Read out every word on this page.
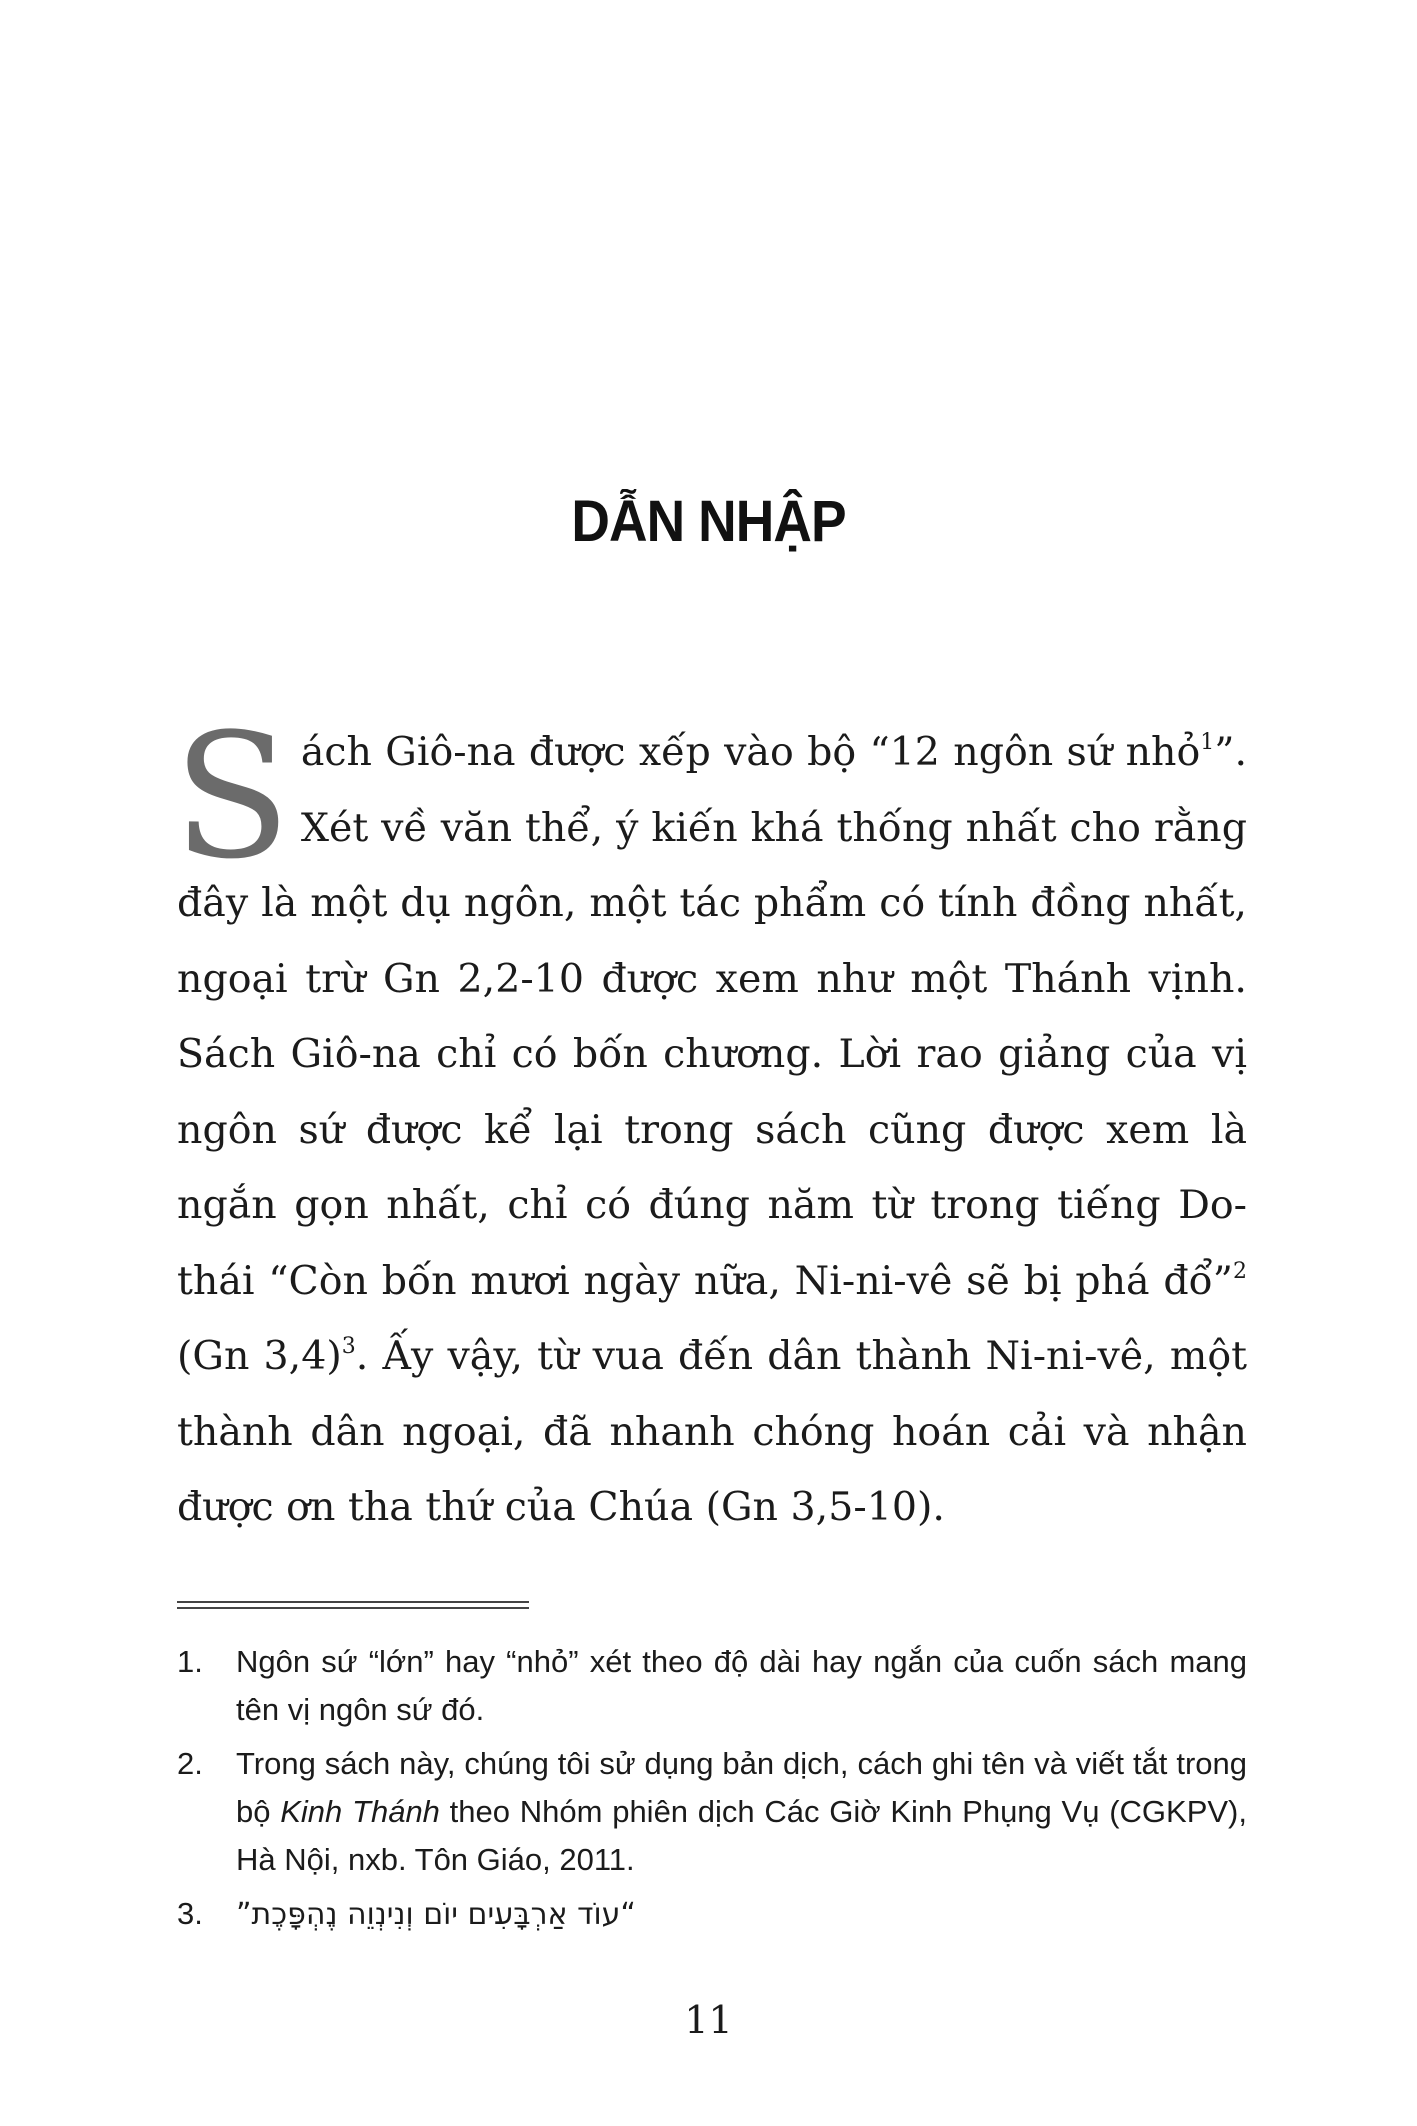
DẪN NHẬP

Sách Giô-na được xếp vào bộ “12 ngôn sứ nhỏ$^1$”. Xét về văn thể, ý kiến khá thống nhất cho rằng đây là một dụ ngôn, một tác phẩm có tính đồng nhất, ngoại trừ Gn 2,2-10 được xem như một Thánh vịnh. Sách Giô-na chỉ có bốn chương. Lời rao giảng của vị ngôn sứ được kể lại trong sách cũng được xem là ngắn gọn nhất, chỉ có đúng năm từ trong tiếng Do-thái “Còn bốn mươi ngày nữa, Ni-ni-vê sẽ bị phá đổ”$^2$ (Gn 3,4)$^3$. Ấy vậy, từ vua đến dân thành Ni-ni-vê, một thành dân ngoại, đã nhanh chóng hoán cải và nhận được ơn tha thứ của Chúa (Gn 3,5-10).

1.	Ngôn sứ “lớn” hay “nhỏ” xét theo độ dài hay ngắn của cuốn sách mang tên vị ngôn sứ đó.
2.	Trong sách này, chúng tôi sử dụng bản dịch, cách ghi tên và viết tắt trong bộ Kinh Thánh theo Nhóm phiên dịch Các Giờ Kinh Phụng Vụ (CGKPV), Hà Nội, nxb. Tôn Giáo, 2011.
3.	“עוֹד אַרְבָּעִים יוֹם וְנִינְוֵה נֶהְפָּכֶת”
11
